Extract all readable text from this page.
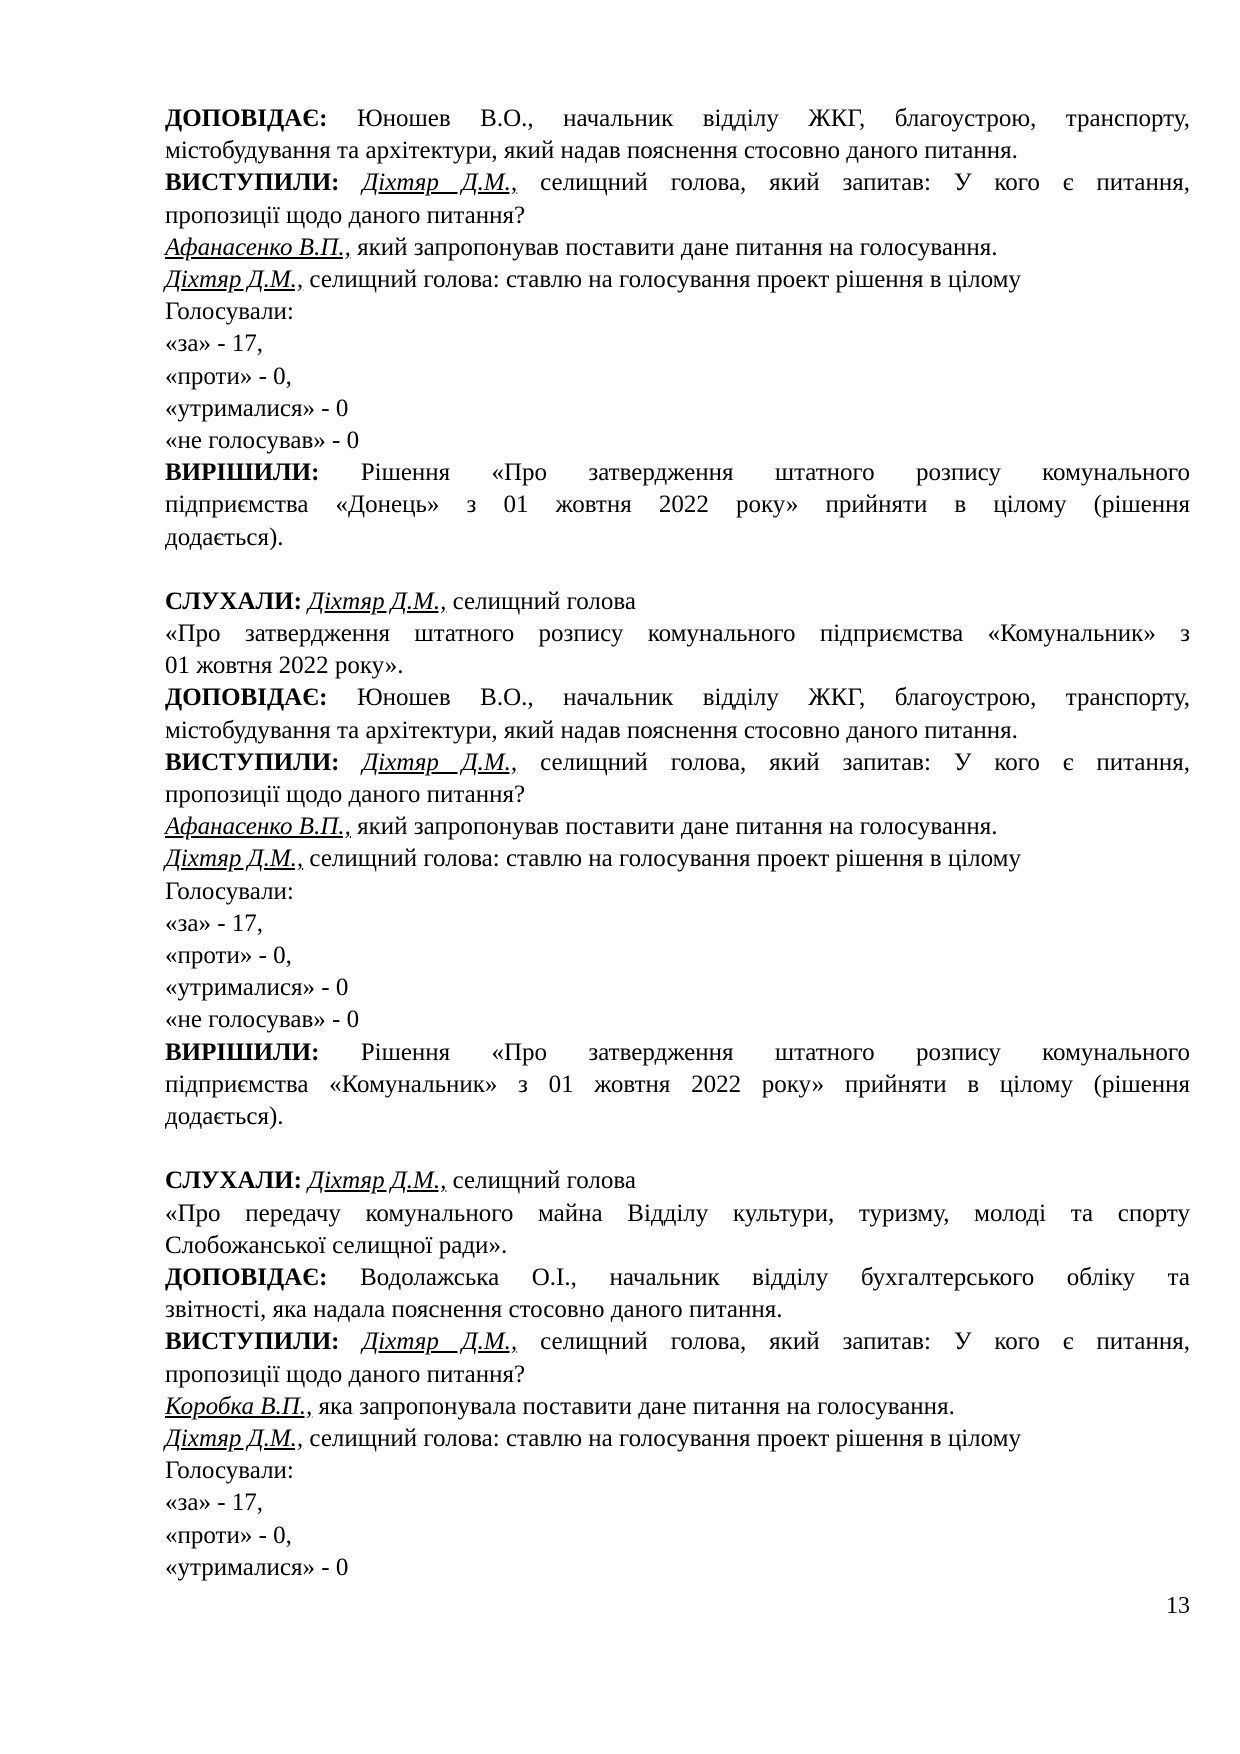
ДОПОВІДАЄ: Юношев В.О., начальник відділу ЖКГ, благоустрою, транспорту,
містобудування та архітектури, який надав пояснення стосовно даного питання.
ВИСТУПИЛИ: Діхтяр Д.М., селищний голова, який запитав: У кого є питання,
пропозиції щодо даного питання?
Афанасенко В.П., який запропонував поставити дане питання на голосування.
Діхтяр Д.М., селищний голова: ставлю на голосування проект рішення в цілому
Голосували:
«за» - 17,
«проти» - 0,
«утрималися» - 0
«не голосував» - 0
ВИРІШИЛИ: Рішення «Про затвердження штатного розпису комунального
підприємства «Донець» з 01 жовтня 2022 року» прийняти в цілому (рішення
додається).
СЛУХАЛИ: Діхтяр Д.М., селищний голова
«Про затвердження штатного розпису комунального підприємства «Комунальник» з
01 жовтня 2022 року».
ДОПОВІДАЄ: Юношев В.О., начальник відділу ЖКГ, благоустрою, транспорту,
містобудування та архітектури, який надав пояснення стосовно даного питання.
ВИСТУПИЛИ: Діхтяр Д.М., селищний голова, який запитав: У кого є питання,
пропозиції щодо даного питання?
Афанасенко В.П., який запропонував поставити дане питання на голосування.
Діхтяр Д.М., селищний голова: ставлю на голосування проект рішення в цілому
Голосували:
«за» - 17,
«проти» - 0,
«утрималися» - 0
«не голосував» - 0
ВИРІШИЛИ: Рішення «Про затвердження штатного розпису комунального
підприємства «Комунальник» з 01 жовтня 2022 року» прийняти в цілому (рішення
додається).
СЛУХАЛИ: Діхтяр Д.М., селищний голова
«Про передачу комунального майна Відділу культури, туризму, молоді та спорту
Слобожанської селищної ради».
ДОПОВІДАЄ: Водолажська О.І., начальник відділу бухгалтерського обліку та
звітності, яка надала пояснення стосовно даного питання.
ВИСТУПИЛИ: Діхтяр Д.М., селищний голова, який запитав: У кого є питання,
пропозиції щодо даного питання?
Коробка В.П., яка запропонувала поставити дане питання на голосування.
Діхтяр Д.М., селищний голова: ставлю на голосування проект рішення в цілому
Голосували:
«за» - 17,
«проти» - 0,
«утрималися» - 0
13
